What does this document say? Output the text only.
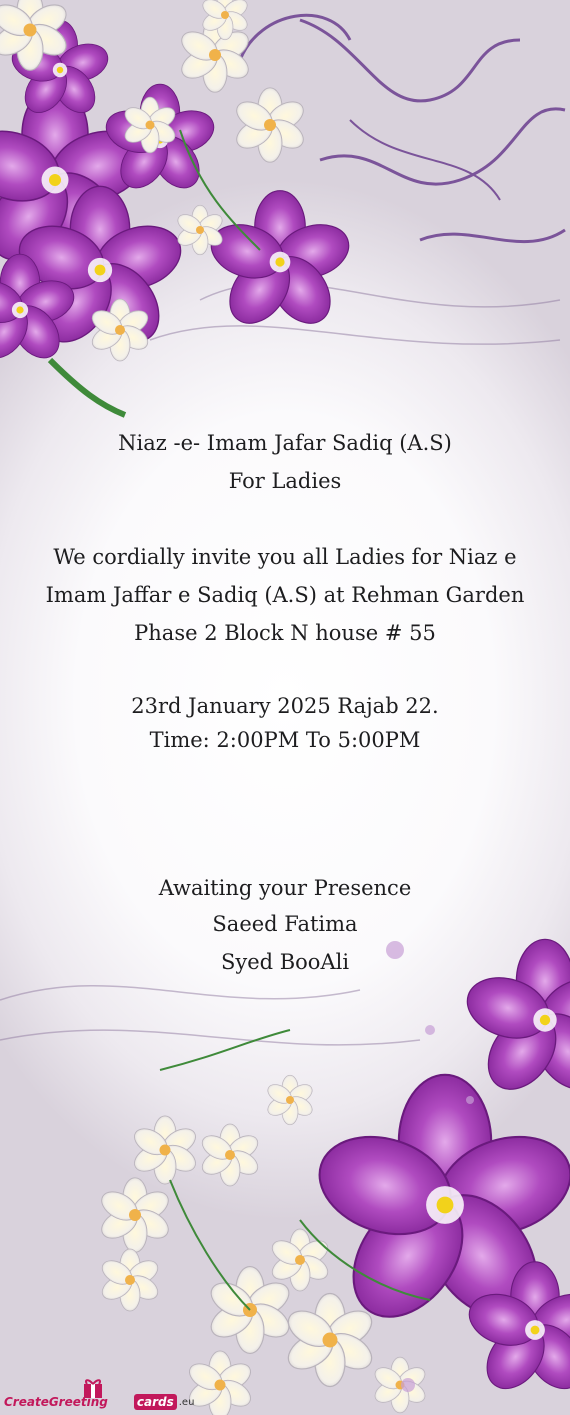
Niaz -e- Imam Jafar Sadiq (A.S)
For Ladies
We cordially invite you all Ladies for Niaz e Imam Jaffar e Sadiq (A.S) at Rehman Garden Phase 2 Block N house # 55
23rd January 2025 Rajab 22.
Time: 2:00PM To 5:00PM
Awaiting your Presence
Saeed Fatima
Syed BooAli
CreateGreeting cards .eu
